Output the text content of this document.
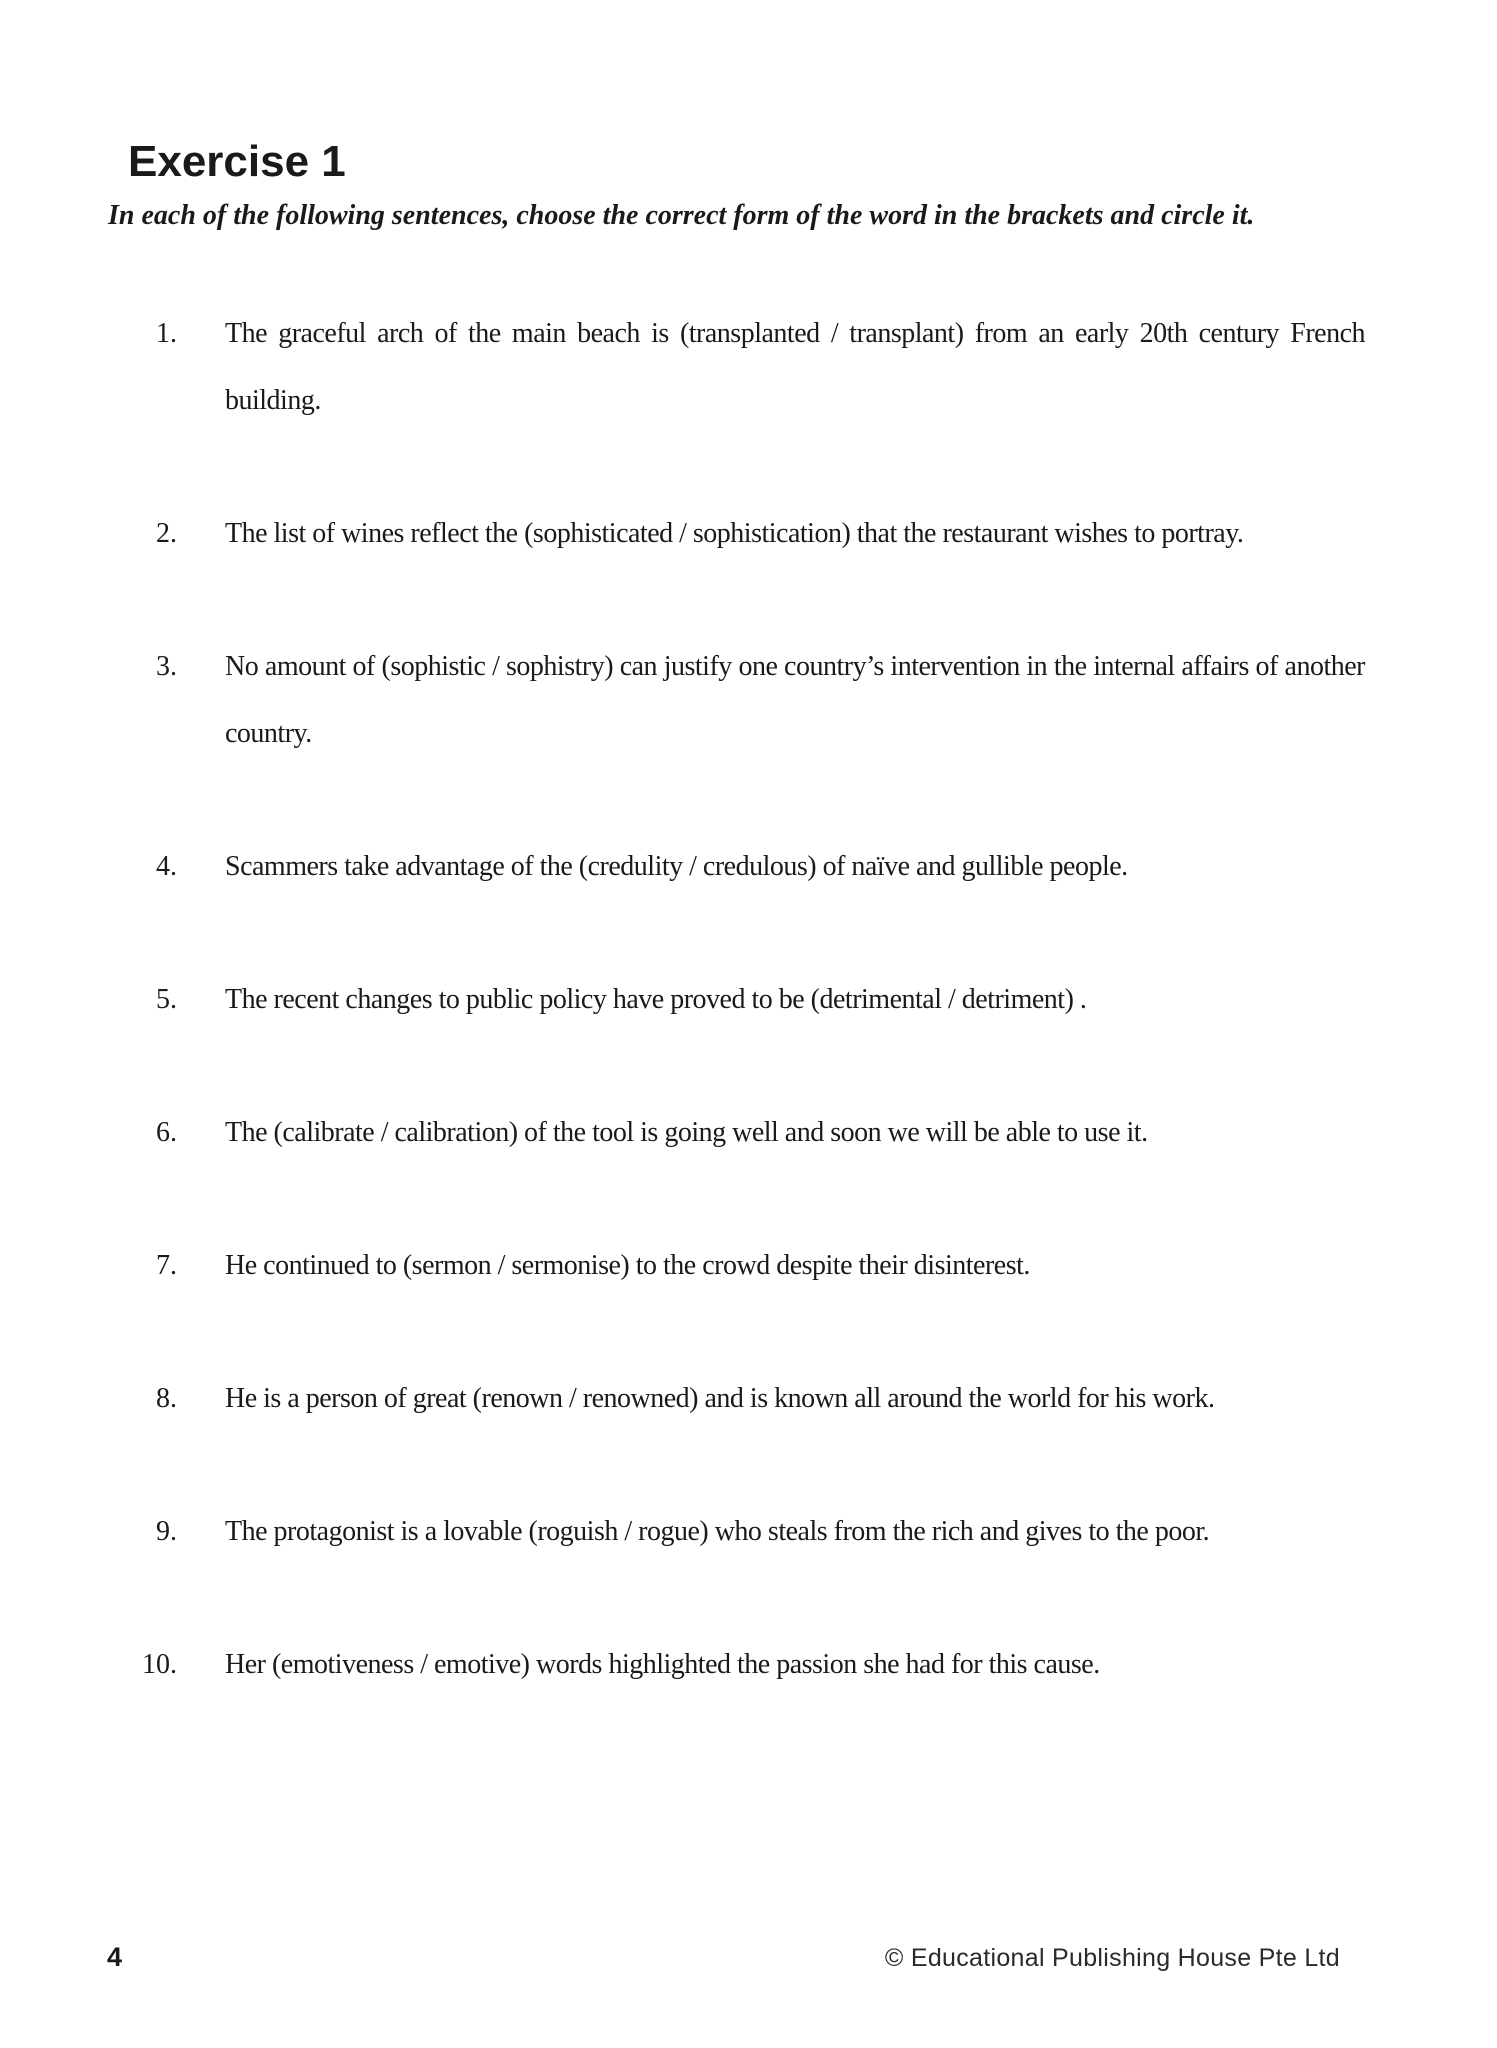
Exercise 1

In each of the following sentences, choose the correct form of the word in the brackets and circle it.

1. The graceful arch of the main beach is (transplanted / transplant) from an early 20th century French building.
2. The list of wines reflect the (sophisticated / sophistication) that the restaurant wishes to portray.
3. No amount of (sophistic / sophistry) can justify one country’s intervention in the internal affairs of another country.
4. Scammers take advantage of the (credulity / credulous) of naïve and gullible people.
5. The recent changes to public policy have proved to be (detrimental / detriment) .
6. The (calibrate / calibration) of the tool is going well and soon we will be able to use it.
7. He continued to (sermon / sermonise) to the crowd despite their disinterest.
8. He is a person of great (renown / renowned) and is known all around the world for his work.
9. The protagonist is a lovable (roguish / rogue) who steals from the rich and gives to the poor.
10. Her (emotiveness / emotive) words highlighted the passion she had for this cause.
4	© Educational Publishing House Pte Ltd
